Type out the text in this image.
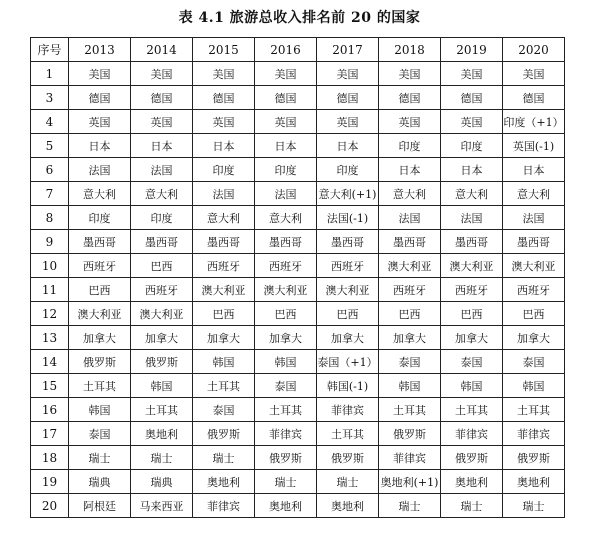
表 4.1 旅游总收入排名前 20 的国家
序号	2013	2014	2015	2016	2017	2018	2019	2020
1	美国	美国	美国	美国	美国	美国	美国	美国
3	德国	德国	德国	德国	德国	德国	德国	德国
4	英国	英国	英国	英国	英国	英国	英国	印度（+1）
5	日本	日本	日本	日本	日本	印度	印度	英国(-1)
6	法国	法国	印度	印度	印度	日本	日本	日本
7	意大利	意大利	法国	法国	意大利(+1)	意大利	意大利	意大利
8	印度	印度	意大利	意大利	法国(-1)	法国	法国	法国
9	墨西哥	墨西哥	墨西哥	墨西哥	墨西哥	墨西哥	墨西哥	墨西哥
10	西班牙	巴西	西班牙	西班牙	西班牙	澳大利亚	澳大利亚	澳大利亚
11	巴西	西班牙	澳大利亚	澳大利亚	澳大利亚	西班牙	西班牙	西班牙
12	澳大利亚	澳大利亚	巴西	巴西	巴西	巴西	巴西	巴西
13	加拿大	加拿大	加拿大	加拿大	加拿大	加拿大	加拿大	加拿大
14	俄罗斯	俄罗斯	韩国	韩国	泰国（+1）	泰国	泰国	泰国
15	土耳其	韩国	土耳其	泰国	韩国(-1)	韩国	韩国	韩国
16	韩国	土耳其	泰国	土耳其	菲律宾	土耳其	土耳其	土耳其
17	泰国	奥地利	俄罗斯	菲律宾	土耳其	俄罗斯	菲律宾	菲律宾
18	瑞士	瑞士	瑞士	俄罗斯	俄罗斯	菲律宾	俄罗斯	俄罗斯
19	瑞典	瑞典	奥地利	瑞士	瑞士	奥地利(+1)	奥地利	奥地利
20	阿根廷	马来西亚	菲律宾	奥地利	奥地利	瑞士	瑞士	瑞士
